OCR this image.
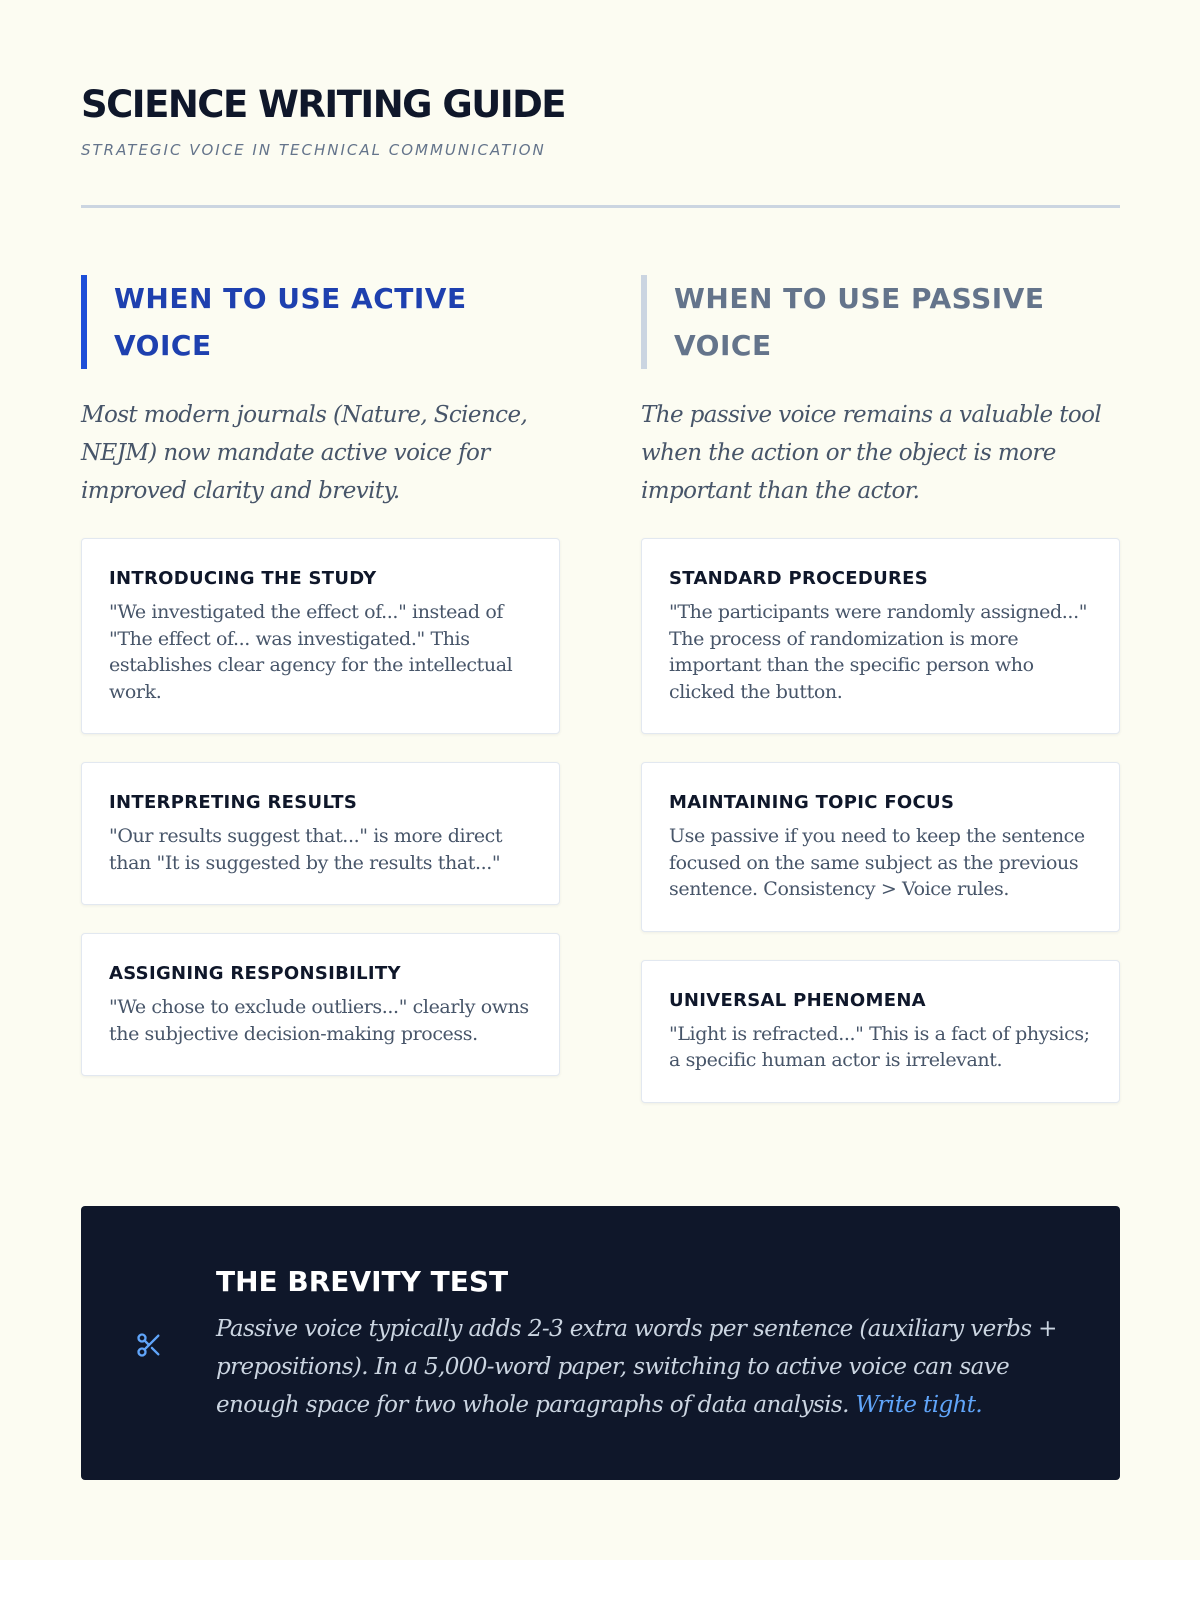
SCIENCE WRITING GUIDE
STRATEGIC VOICE IN TECHNICAL COMMUNICATION
WHEN TO USE ACTIVE VOICE

Most modern journals (Nature, Science, NEJM) now mandate active voice for improved clarity and brevity.

INTRODUCING THE STUDY
"We investigated the effect of..." instead of "The effect of... was investigated." This establishes clear agency for the intellectual work.
INTERPRETING RESULTS
"Our results suggest that..." is more direct than "It is suggested by the results that..."
ASSIGNING RESPONSIBILITY
"We chose to exclude outliers..." clearly owns the subjective decision-making process.
WHEN TO USE PASSIVE VOICE

The passive voice remains a valuable tool when the action or the object is more important than the actor.

STANDARD PROCEDURES
"The participants were randomly assigned..." The process of randomization is more important than the specific person who clicked the button.
MAINTAINING TOPIC FOCUS
Use passive if you need to keep the sentence focused on the same subject as the previous sentence. Consistency > Voice rules.
UNIVERSAL PHENOMENA
"Light is refracted..." This is a fact of physics; a specific human actor is irrelevant.
THE BREVITY TEST

Passive voice typically adds 2-3 extra words per sentence (auxiliary verbs + prepositions). In a 5,000-word paper, switching to active voice can save enough space for two whole paragraphs of data analysis. Write tight.
